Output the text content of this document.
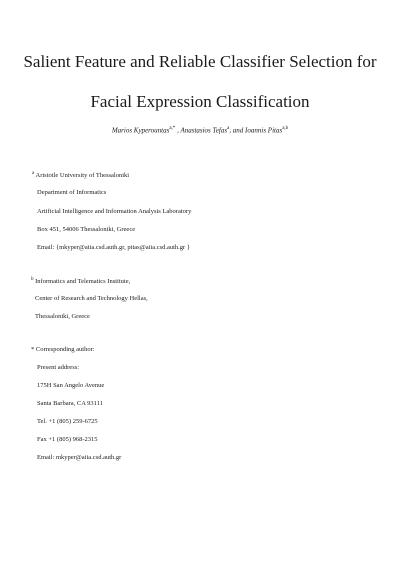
Salient Feature and Reliable Classifier Selection for
Facial Expression Classification
Marios Kyperountas$^{a,*}$ , Anastasios Tefas$^a$, and Ioannis Pitas$^{a,b}$
$^a$ Aristotle University of Thessaloniki
Department of Informatics
Artificial Intelligence and Information Analysis Laboratory
Box 451, 54006 Thessaloniki, Greece
Email: {mkyper@aiia.csd.auth.gr, pitas@aiia.csd.auth.gr }
$^b$ Informatics and Telematics Institute,
Center of Research and Technology Hellas,
Thessaloniki, Greece
* Corresponding author:
Present address:
175H San Angelo Avenue
Santa Barbara, CA 93111
Tel. +1 (805) 259-6725
Fax +1 (805) 968-2315
Email: mkyper@aiia.csd.auth.gr
